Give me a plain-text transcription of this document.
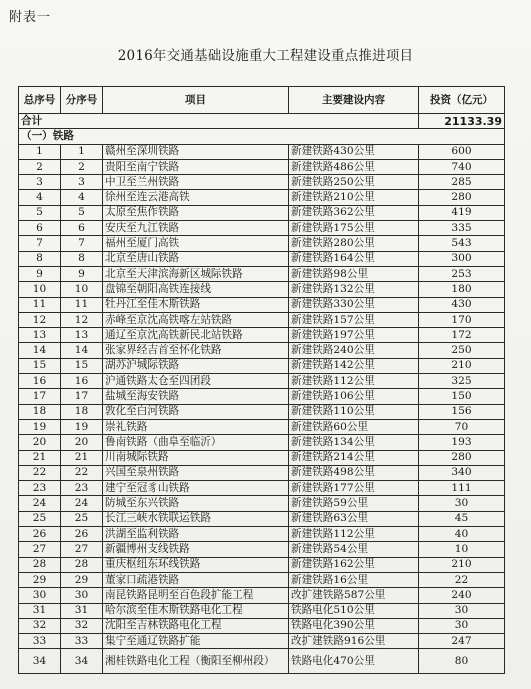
附表一
2016年交通基础设施重大工程建设重点推进项目
总序号	分序号	项目	主要建设内容	投资（亿元）
合计				21133.39
（一）铁路				
1	1	赣州至深圳铁路	新建铁路430公里	600
2	2	贵阳至南宁铁路	新建铁路486公里	740
3	3	中卫至兰州铁路	新建铁路250公里	285
4	4	徐州至连云港高铁	新建铁路210公里	280
5	5	太原至焦作铁路	新建铁路362公里	419
6	6	安庆至九江铁路	新建铁路175公里	335
7	7	福州至厦门高铁	新建铁路280公里	543
8	8	北京至唐山铁路	新建铁路164公里	300
9	9	北京至天津滨海新区城际铁路	新建铁路98公里	253
10	10	盘锦至朝阳高铁连接线	新建铁路132公里	180
11	11	牡丹江至佳木斯铁路	新建铁路330公里	430
12	12	赤峰至京沈高铁喀左站铁路	新建铁路157公里	170
13	13	通辽至京沈高铁新民北站铁路	新建铁路197公里	172
14	14	张家界经吉首至怀化铁路	新建铁路240公里	250
15	15	湖苏沪城际铁路	新建铁路142公里	210
16	16	沪通铁路太仓至四团段	新建铁路112公里	325
17	17	盐城至海安铁路	新建铁路106公里	150
18	18	敦化至白河铁路	新建铁路110公里	156
19	19	崇礼铁路	新建铁路60公里	70
20	20	鲁南铁路（曲阜至临沂）	新建铁路134公里	193
21	21	川南城际铁路	新建铁路214公里	280
22	22	兴国至泉州铁路	新建铁路498公里	340
23	23	建宁至冠豸山铁路	新建铁路177公里	111
24	24	防城至东兴铁路	新建铁路59公里	30
25	25	长江三峡水铁联运铁路	新建铁路63公里	45
26	26	洪湖至监利铁路	新建铁路112公里	40
27	27	新疆博州支线铁路	新建铁路54公里	10
28	28	重庆枢纽东环线铁路	新建铁路162公里	210
29	29	董家口疏港铁路	新建铁路16公里	22
30	30	南昆铁路昆明至百色段扩能工程	改扩建铁路587公里	240
31	31	哈尔滨至佳木斯铁路电化工程	铁路电化510公里	30
32	32	沈阳至吉林铁路电化工程	铁路电化390公里	30
33	33	集宁至通辽铁路扩能	改扩建铁路916公里	247
34	34	湘桂铁路电化工程（衡阳至柳州段）	铁路电化470公里	80
